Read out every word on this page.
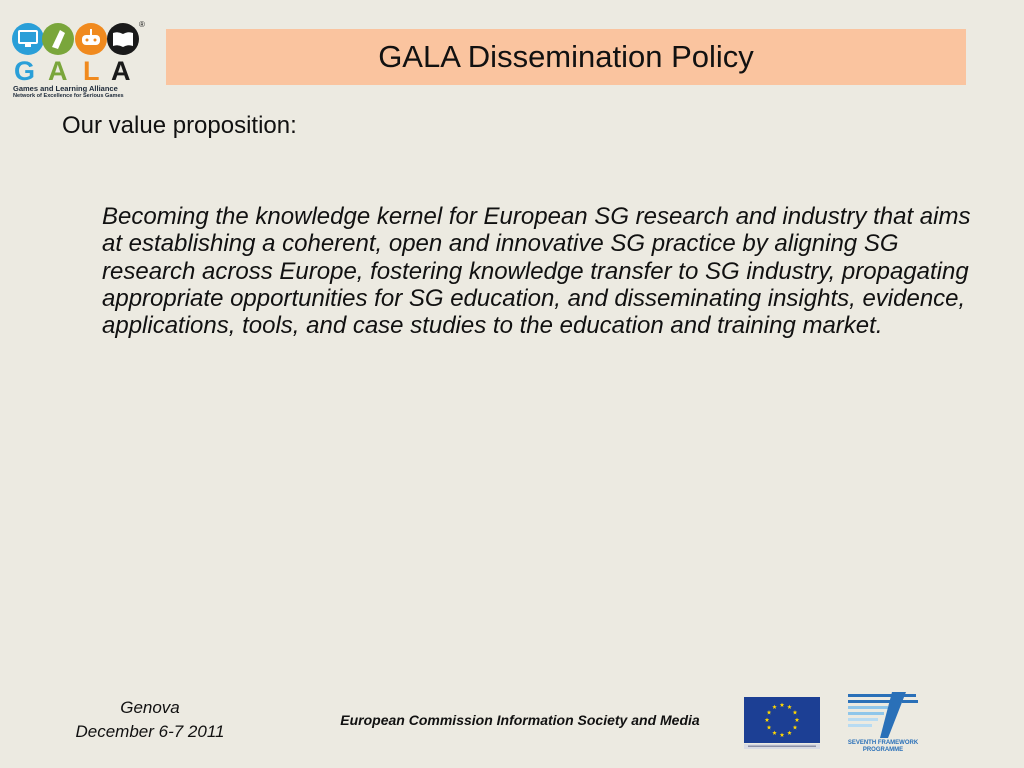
®
G A L A
Games and Learning Alliance
Network of Excellence for Serious Games
GALA Dissemination Policy
Our value proposition:
Becoming the knowledge kernel for European SG research and industry that aims at establishing a coherent, open and innovative SG practice by aligning SG research across Europe, fostering knowledge transfer to SG industry, propagating appropriate opportunities for SG education, and disseminating insights, evidence, applications, tools, and case studies to the education and training market.
Genova
December 6-7 2011
European Commission Information Society and Media
SEVENTH FRAMEWORK
PROGRAMME
